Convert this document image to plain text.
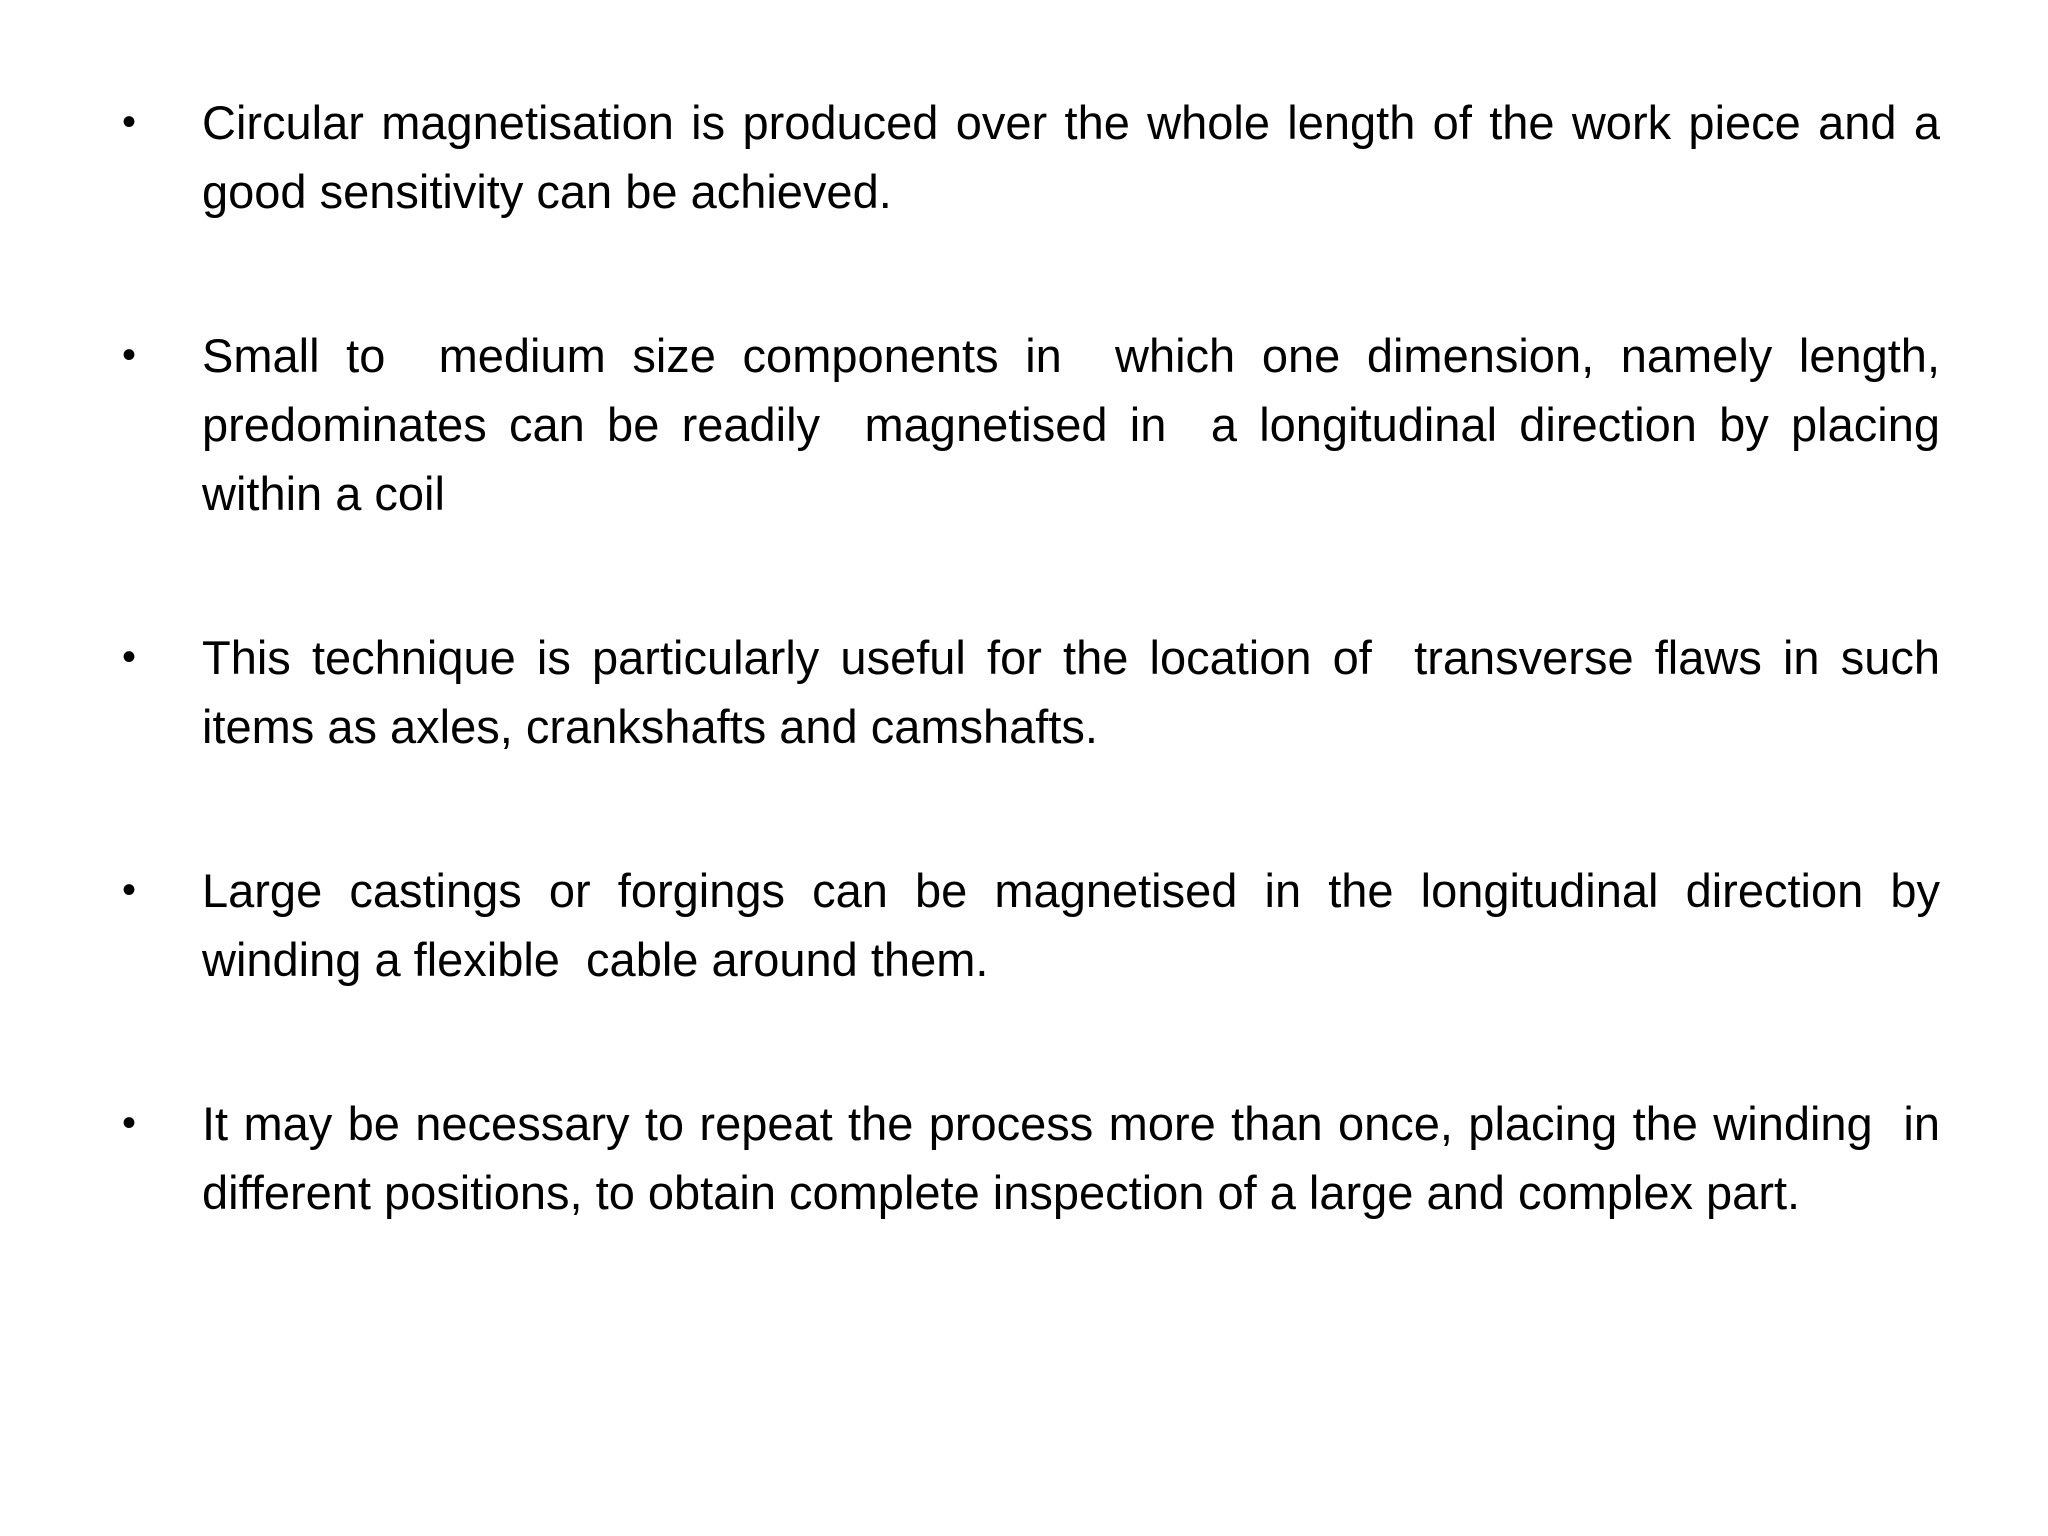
•	Circular magnetisation is produced over the whole length of the work piece and a good sensitivity can be achieved.
•	Small to  medium size components in  which one dimension, namely length, predominates can be readily  magnetised in  a longitudinal direction by placing  within a coil
•	This technique is particularly useful for the location of  transverse flaws in such items as axles, crankshafts and camshafts.
•	Large castings or forgings can be magnetised in the longitudinal direction by winding a flexible  cable around them.
•	It may be necessary to repeat the process more than once, placing the winding  in different positions, to obtain complete inspection of a large and complex part.
